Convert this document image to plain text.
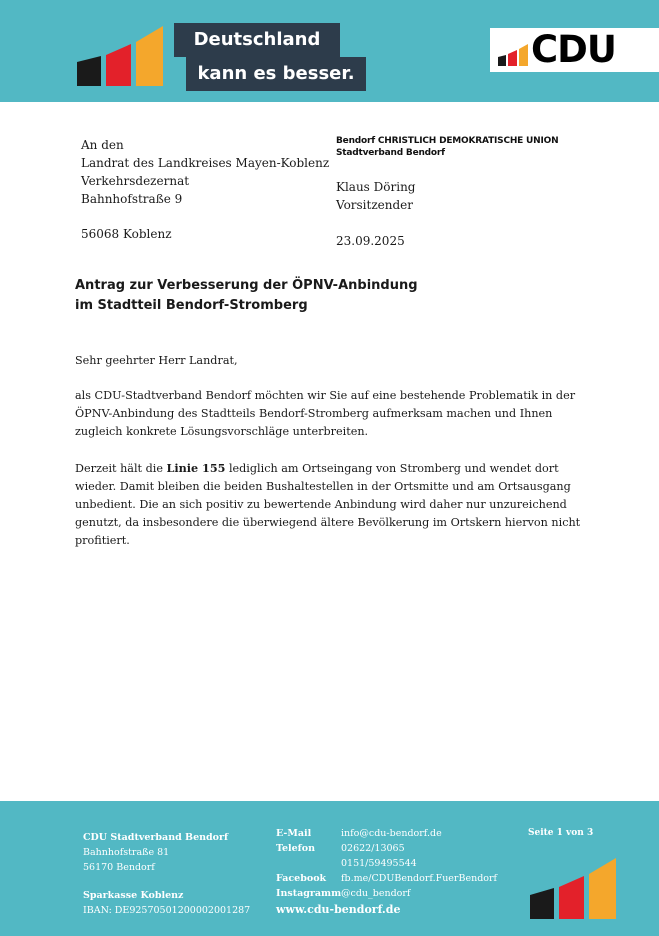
Deutschland
kann es besser.
CDU
An den
Landrat des Landkreises Mayen-Koblenz
Verkehrsdezernat
Bahnhofstraße 9
56068 Koblenz
Bendorf CHRISTLICH DEMOKRATISCHE UNION
Stadtverband Bendorf
Klaus Döring
Vorsitzender
23.09.2025
Antrag zur Verbesserung der ÖPNV-Anbindung
im Stadtteil Bendorf-Stromberg
Sehr geehrter Herr Landrat,
als CDU-Stadtverband Bendorf möchten wir Sie auf eine bestehende Problematik in der ÖPNV-Anbindung des Stadtteils Bendorf-Stromberg aufmerksam machen und Ihnen zugleich konkrete Lösungsvorschläge unterbreiten.
Derzeit hält die Linie 155 lediglich am Ortseingang von Stromberg und wendet dort wieder. Damit bleiben die beiden Bushaltestellen in der Ortsmitte und am Ortsausgang unbedient. Die an sich positiv zu bewertende Anbindung wird daher nur unzureichend genutzt, da insbesondere die überwiegend ältere Bevölkerung im Ortskern hiervon nicht profitiert.
CDU Stadtverband Bendorf
Bahnhofstraße 81
56170 Bendorf
Sparkasse Koblenz
IBAN: DE92570501200002001287
E-Mail
Telefon

Facebook
Instagramm
info@cdu-bendorf.de
02622/13065
0151/59495544
fb.me/CDUBendorf.FuerBendorf
@cdu_bendorf
www.cdu-bendorf.de
Seite 1 von 3
